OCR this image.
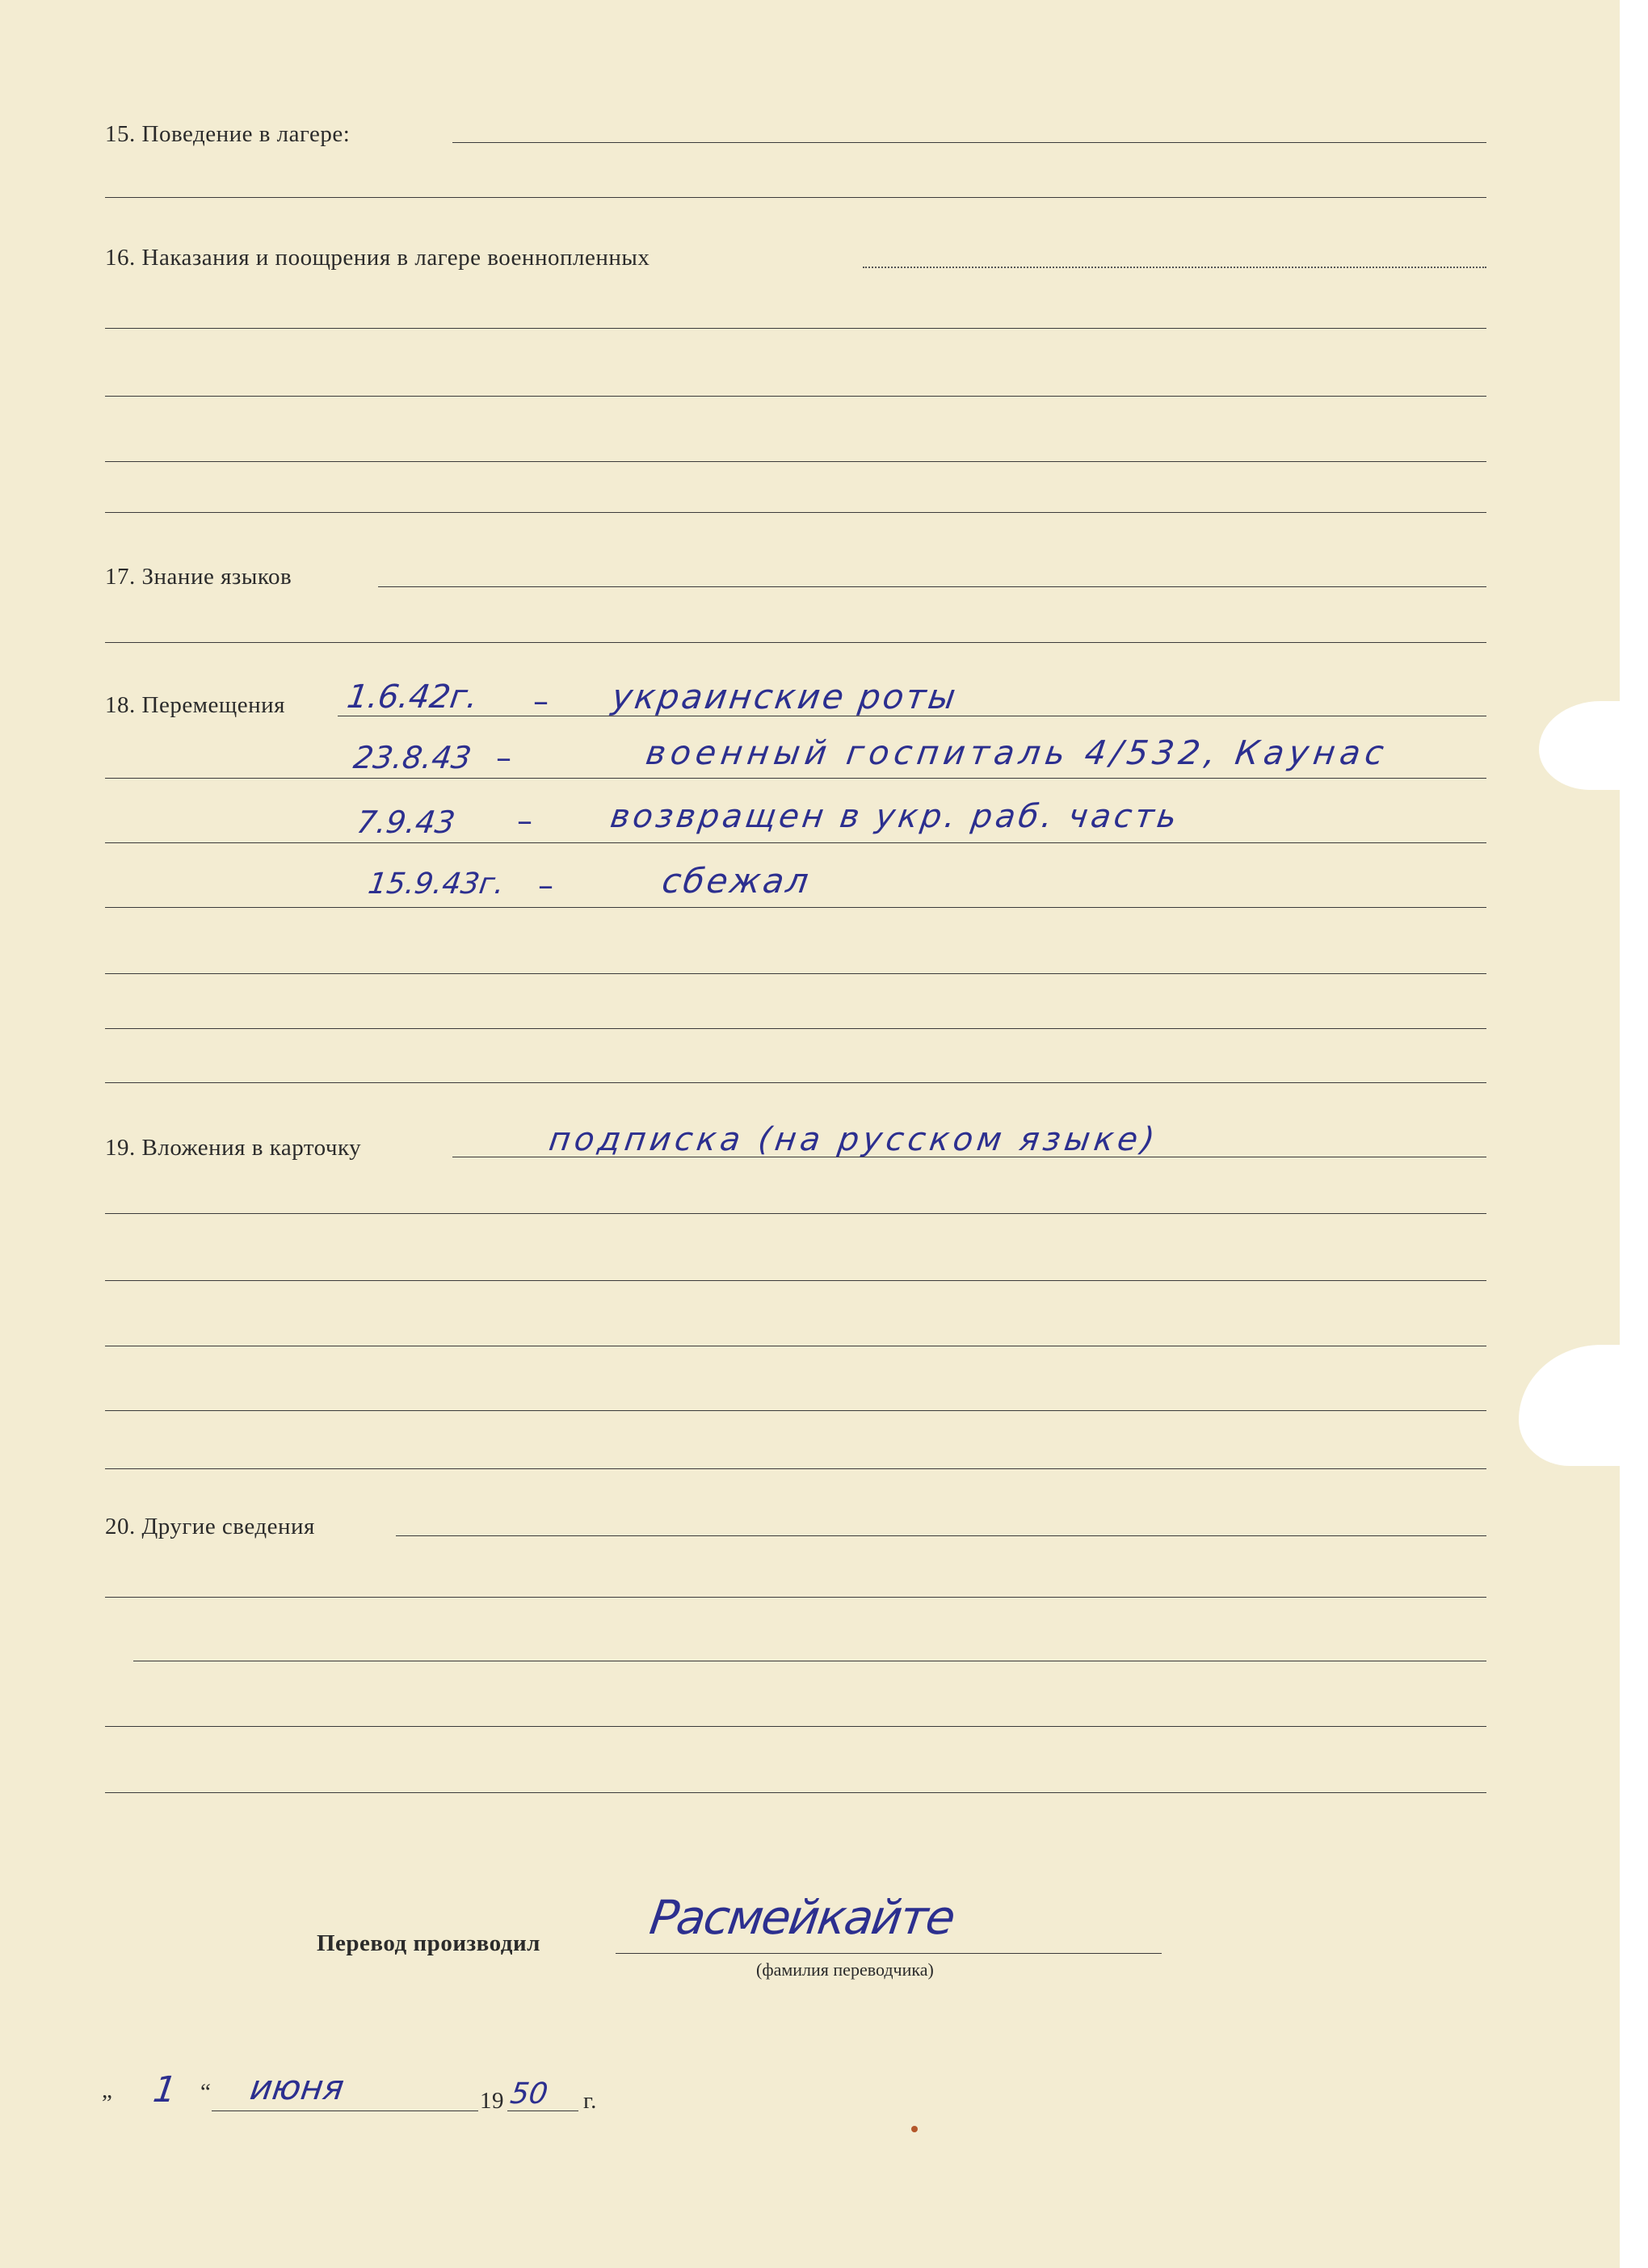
15. Поведение в лагере:
16. Наказания и поощрения в лагере военнопленных
17. Знание языков
18. Перемещения 1.6.42г. – украинские роты
23.8.43 –	военный госпиталь 4/532, Каунас
7.9.43 – возвращен в укр. раб. часть
15.9.43г. –	сбежал
19. Вложения в карточку	подписка (на русском языке)
20. Другие сведения
Перевод производил Расмейкайте
(фамилия переводчика)
„ 1 “ июня	19 50 г.
